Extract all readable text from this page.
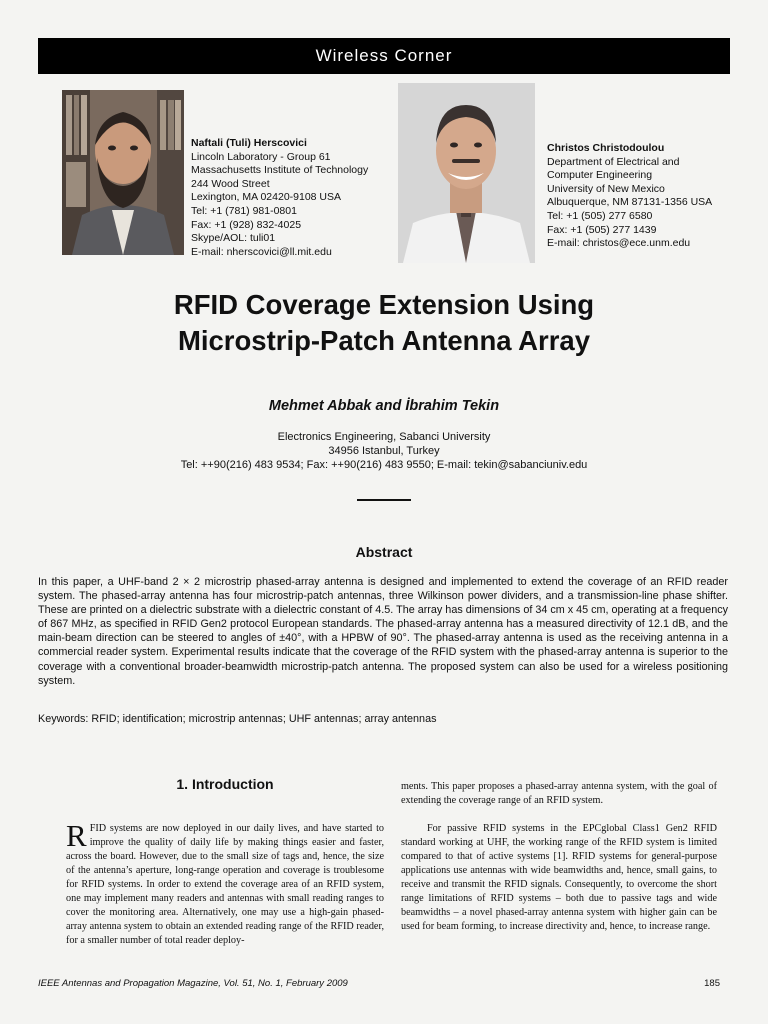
Wireless Corner
Naftali (Tuli) Herscovici
Lincoln Laboratory - Group 61
Massachusetts Institute of Technology
244 Wood Street
Lexington, MA 02420-9108 USA
Tel: +1 (781) 981-0801
Fax: +1 (928) 832-4025
Skype/AOL: tuli01
E-mail: nherscovici@ll.mit.edu
Christos Christodoulou
Department of Electrical and
Computer Engineering
University of New Mexico
Albuquerque, NM 87131-1356 USA
Tel: +1 (505) 277 6580
Fax: +1 (505) 277 1439
E-mail: christos@ece.unm.edu
RFID Coverage Extension Using
Microstrip-Patch Antenna Array
Mehmet Abbak and İbrahim Tekin
Electronics Engineering, Sabanci University
34956 Istanbul, Turkey
Tel: ++90(216) 483 9534; Fax: ++90(216) 483 9550; E-mail: tekin@sabanciuniv.edu
Abstract
In this paper, a UHF-band 2 × 2 microstrip phased-array antenna is designed and implemented to extend the coverage of an RFID reader system. The phased-array antenna has four microstrip-patch antennas, three Wilkinson power dividers, and a transmission-line phase shifter. These are printed on a dielectric substrate with a dielectric constant of 4.5. The array has dimensions of 34 cm x 45 cm, operating at a frequency of 867 MHz, as specified in RFID Gen2 protocol European standards. The phased-array antenna has a measured directivity of 12.1 dB, and the main-beam direction can be steered to angles of ±40°, with a HPBW of 90°. The phased-array antenna is used as the receiving antenna in a commercial reader system. Experimental results indicate that the coverage of the RFID system with the phased-array antenna is superior to the coverage with a conventional broader-beamwidth microstrip-patch antenna. The proposed system can also be used for a wireless positioning system.
Keywords: RFID; identification; microstrip antennas; UHF antennas; array antennas
1. Introduction
RFID systems are now deployed in our daily lives, and have started to improve the quality of daily life by making things easier and faster, across the board. However, due to the small size of tags and, hence, the size of the antenna’s aperture, long-range operation and coverage is troublesome for RFID systems. In order to extend the coverage area of an RFID system, one may implement many readers and antennas with small reading ranges to cover the monitoring area. Alternatively, one may use a high-gain phased-array antenna system to obtain an extended reading range of the RFID reader, for a smaller number of total reader deploy-
ments. This paper proposes a phased-array antenna system, with the goal of extending the coverage range of an RFID system.
For passive RFID systems in the EPCglobal Class1 Gen2 RFID standard working at UHF, the working range of the RFID system is limited compared to that of active systems [1]. RFID systems for general-purpose applications use antennas with wide beamwidths and, hence, small gains, to receive and transmit the RFID signals. Consequently, to overcome the short range limitations of RFID systems – both due to passive tags and wide beamwidths – a novel phased-array antenna system with higher gain can be used for beam forming, to increase directivity and, hence, to increase range.
IEEE Antennas and Propagation Magazine, Vol. 51, No. 1, February 2009	185
